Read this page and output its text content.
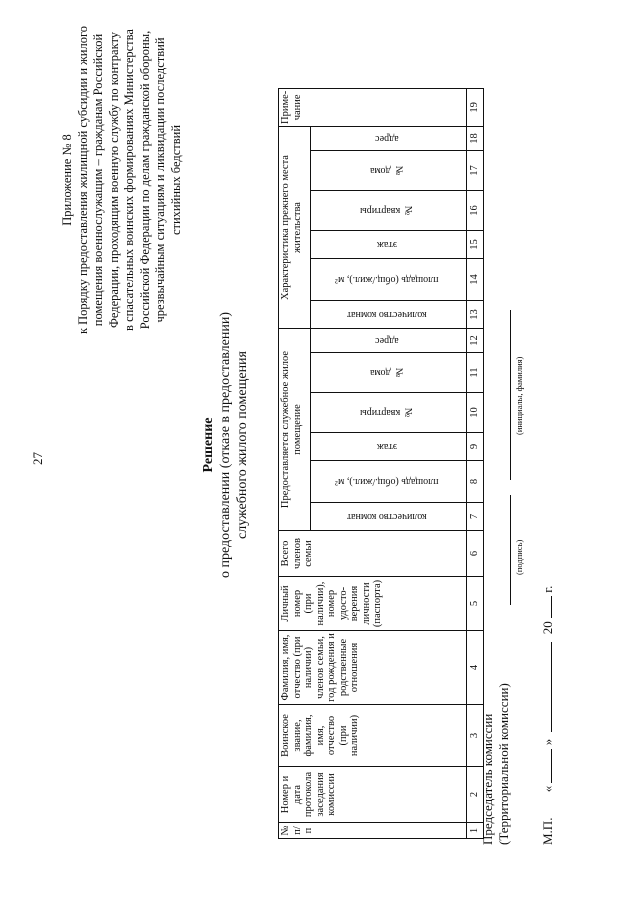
27
Приложение № 8 к Порядку предоставления жилищной субсидии и жилого помещения военнослужащим – гражданам Российской Федерации, проходящим военную службу по контракту в спасательных воинских формированиях Министерства Российской Федерации по делам гражданской обороны, чрезвычайным ситуациям и ликвидации последствий стихийных бедствий
Решение о предоставлении (отказе в предоставлении) служебного жилого помещения
№ п/п	Номер и дата протокола заседания комиссии	Воинское звание, фамилия, имя, отчество (при наличии)	Фамилия, имя, отчество (при наличии) членов семьи, год рождения и родственные отношения	Личный номер (при наличии), номер удосто-верения личности (паспорта)	Всего членов семьи	Предоставляется служебное жилое помещение						Характеристика прежнего места жительства						Приме-чание
						количество комнат	площадь (общ./жил.), м²	этаж	№ квартиры	№ дома	адрес	количество комнат	площадь (общ./жил.), м²	этаж	№ квартиры	№ дома	адрес	
1	2	3	4	5	6	7	8	9	10	11	12	13	14	15	16	17	18	19
Председатель комиссии (Территориальной комиссии)
(подпись)
(инициалы, фамилия)
М.П. «  »  20  г.
